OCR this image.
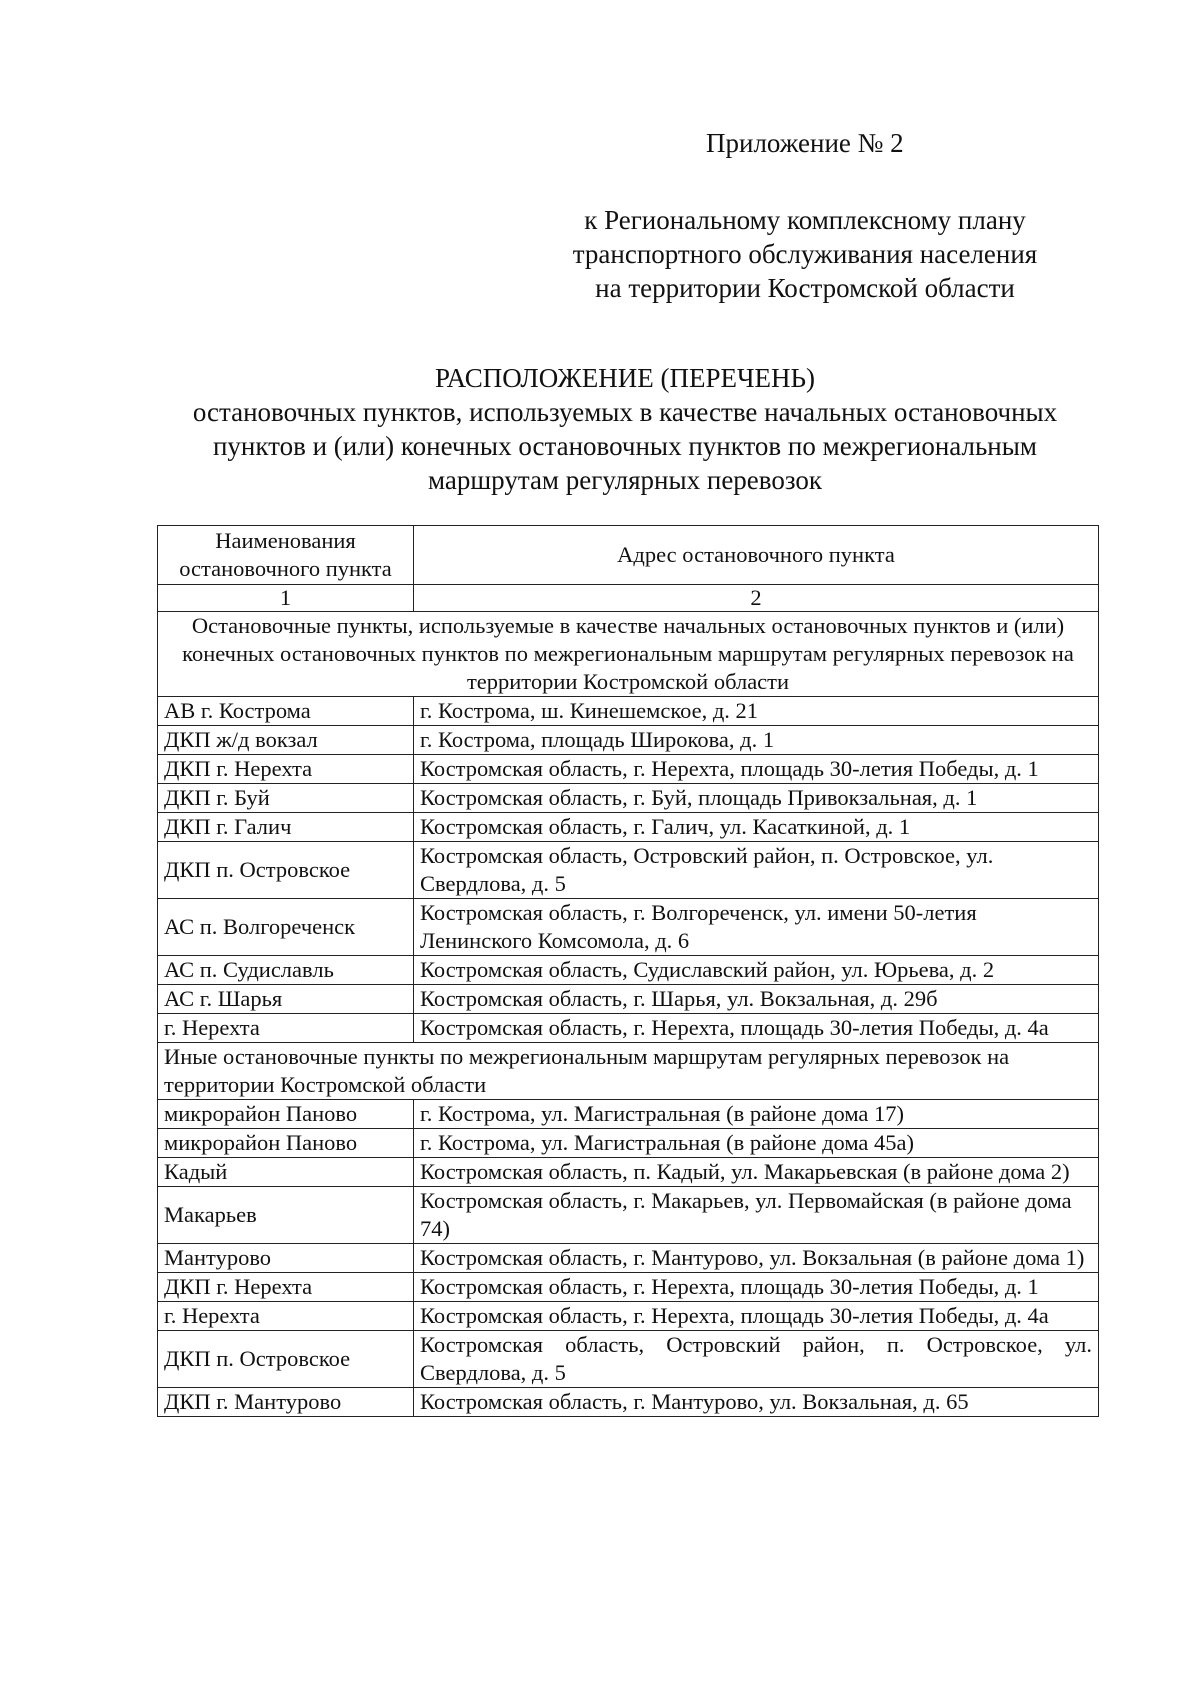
Приложение № 2
к Региональному комплексному плану
транспортного обслуживания населения
на территории Костромской области
РАСПОЛОЖЕНИЕ (ПЕРЕЧЕНЬ)
остановочных пунктов, используемых в качестве начальных остановочных
пунктов и (или) конечных остановочных пунктов по межрегиональным
маршрутам регулярных перевозок
Наименования остановочного пункта	Адрес остановочного пункта
1	2
Остановочные пункты, используемые в качестве начальных остановочных пунктов и (или) конечных остановочных пунктов по межрегиональным маршрутам регулярных перевозок на территории Костромской области	
АВ г. Кострома	г. Кострома, ш. Кинешемское, д. 21
ДКП ж/д вокзал	г. Кострома, площадь Широкова, д. 1
ДКП г. Нерехта	Костромская область, г. Нерехта, площадь 30-летия Победы, д. 1
ДКП г. Буй	Костромская область, г. Буй, площадь Привокзальная, д. 1
ДКП г. Галич	Костромская область, г. Галич, ул. Касаткиной, д. 1
ДКП п. Островское	Костромская область, Островский район, п. Островское, ул. Свердлова, д. 5
АС п. Волгореченск	Костромская область, г. Волгореченск, ул. имени 50-летия Ленинского Комсомола, д. 6
АС п. Судиславль	Костромская область, Судиславский район, ул. Юрьева, д. 2
АС г. Шарья	Костромская область, г. Шарья, ул. Вокзальная, д. 29б
г. Нерехта	Костромская область, г. Нерехта, площадь 30-летия Победы, д. 4а
Иные остановочные пункты по межрегиональным маршрутам регулярных перевозок на территории Костромской области	
микрорайон Паново	г. Кострома, ул. Магистральная (в районе дома 17)
микрорайон Паново	г. Кострома, ул. Магистральная (в районе дома 45а)
Кадый	Костромская область, п. Кадый, ул. Макарьевская (в районе дома 2)
Макарьев	Костромская область, г. Макарьев, ул. Первомайская (в районе дома 74)
Мантурово	Костромская область, г. Мантурово, ул. Вокзальная (в районе дома 1)
ДКП г. Нерехта	Костромская область, г. Нерехта, площадь 30-летия Победы, д. 1
г. Нерехта	Костромская область, г. Нерехта, площадь 30-летия Победы, д. 4а
ДКП п. Островское	Костромская область, Островский район, п. Островское, ул. Свердлова, д. 5
ДКП г. Мантурово	Костромская область, г. Мантурово, ул. Вокзальная, д. 65
